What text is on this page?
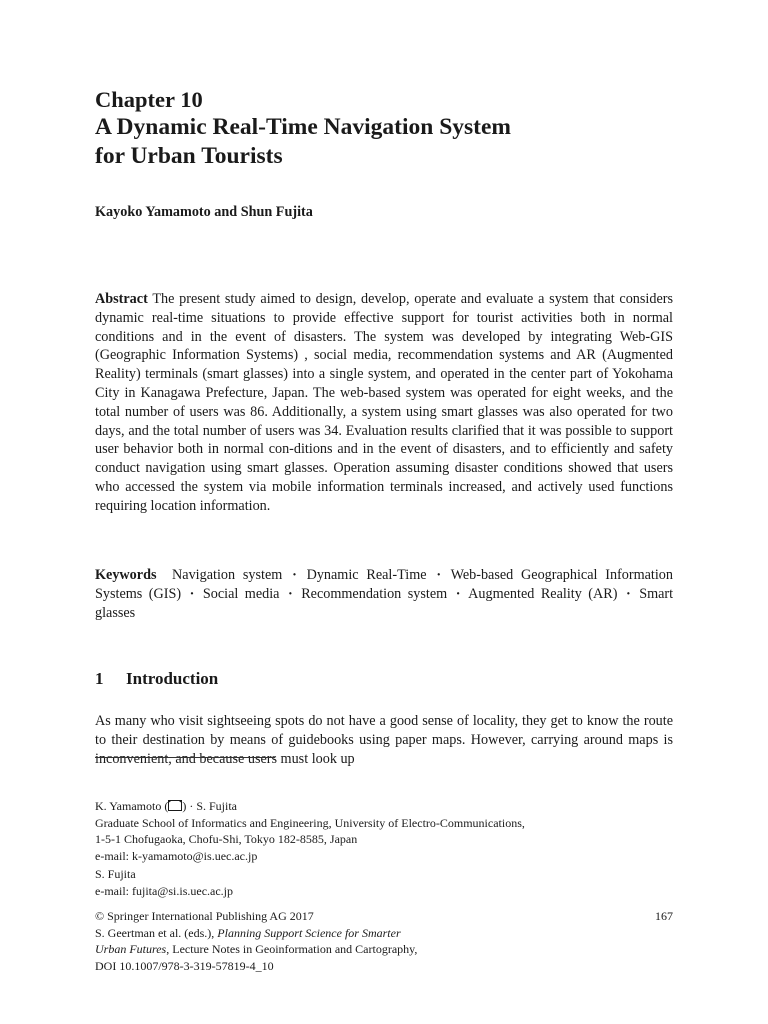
Chapter 10
A Dynamic Real-Time Navigation System
for Urban Tourists

Kayoko Yamamoto and Shun Fujita

Abstract The present study aimed to design, develop, operate and evaluate a system that considers dynamic real-time situations to provide effective support for tourist activities both in normal conditions and in the event of disasters. The system was developed by integrating Web-GIS (Geographic Information Systems) , social media, recommendation systems and AR (Augmented Reality) terminals (smart glasses) into a single system, and operated in the center part of Yokohama City in Kanagawa Prefecture, Japan. The web-based system was operated for eight weeks, and the total number of users was 86. Additionally, a system using smart glasses was also operated for two days, and the total number of users was 34. Evaluation results clarified that it was possible to support user behavior both in normal con-ditions and in the event of disasters, and to efficiently and safety conduct navigation using smart glasses. Operation assuming disaster conditions showed that users who accessed the system via mobile information terminals increased, and actively used functions requiring location information.

Keywords Navigation system · Dynamic Real-Time · Web-based Geographical Information Systems (GIS) · Social media · Recommendation system · Augmented Reality (AR) · Smart glasses

1 Introduction

As many who visit sightseeing spots do not have a good sense of locality, they get to know the route to their destination by means of guidebooks using paper maps. However, carrying around maps is inconvenient, and because users must look up

K. Yamamoto ( ) · S. Fujita
Graduate School of Informatics and Engineering, University of Electro-Communications,
1-5-1 Chofugaoka, Chofu-Shi, Tokyo 182-8585, Japan
e-mail: k-yamamoto@is.uec.ac.jp
S. Fujita
e-mail: fujita@si.is.uec.ac.jp
167
© Springer International Publishing AG 2017
S. Geertman et al. (eds.), Planning Support Science for Smarter
Urban Futures, Lecture Notes in Geoinformation and Cartography,
DOI 10.1007/978-3-319-57819-4_10
